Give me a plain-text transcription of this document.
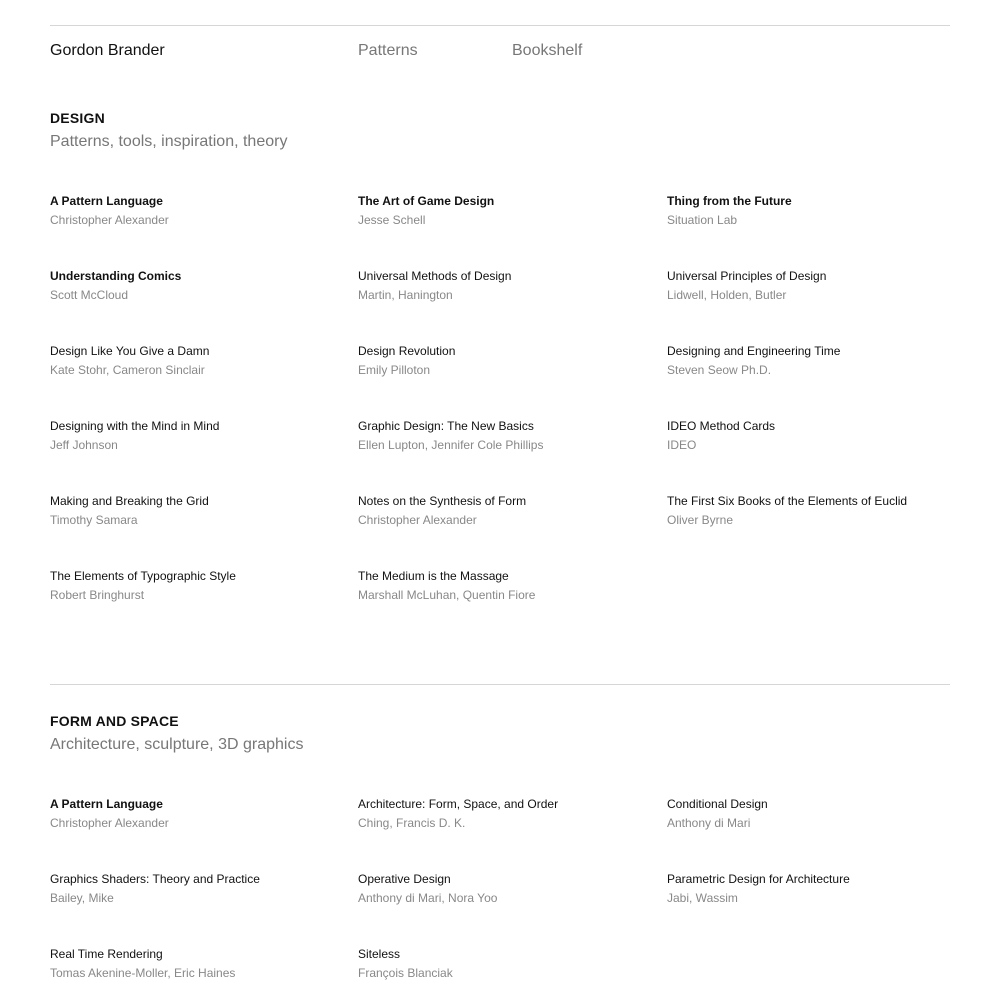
Gordon Brander	Patterns	Bookshelf
DESIGN

Patterns, tools, inspiration, theory

A Pattern Language
Christopher Alexander
The Art of Game Design
Jesse Schell
Thing from the Future
Situation Lab
Understanding Comics
Scott McCloud
Universal Methods of Design
Martin, Hanington
Universal Principles of Design
Lidwell, Holden, Butler
Design Like You Give a Damn
Kate Stohr, Cameron Sinclair
Design Revolution
Emily Pilloton
Designing and Engineering Time
Steven Seow Ph.D.
Designing with the Mind in Mind
Jeff Johnson
Graphic Design: The New Basics
Ellen Lupton, Jennifer Cole Phillips
IDEO Method Cards
IDEO
Making and Breaking the Grid
Timothy Samara
Notes on the Synthesis of Form
Christopher Alexander
The First Six Books of the Elements of Euclid
Oliver Byrne
The Elements of Typographic Style
Robert Bringhurst
The Medium is the Massage
Marshall McLuhan, Quentin Fiore
FORM AND SPACE

Architecture, sculpture, 3D graphics

A Pattern Language
Christopher Alexander
Architecture: Form, Space, and Order
Ching, Francis D. K.
Conditional Design
Anthony di Mari
Graphics Shaders: Theory and Practice
Bailey, Mike
Operative Design
Anthony di Mari, Nora Yoo
Parametric Design for Architecture
Jabi, Wassim
Real Time Rendering
Tomas Akenine-Moller, Eric Haines
Siteless
François Blanciak
